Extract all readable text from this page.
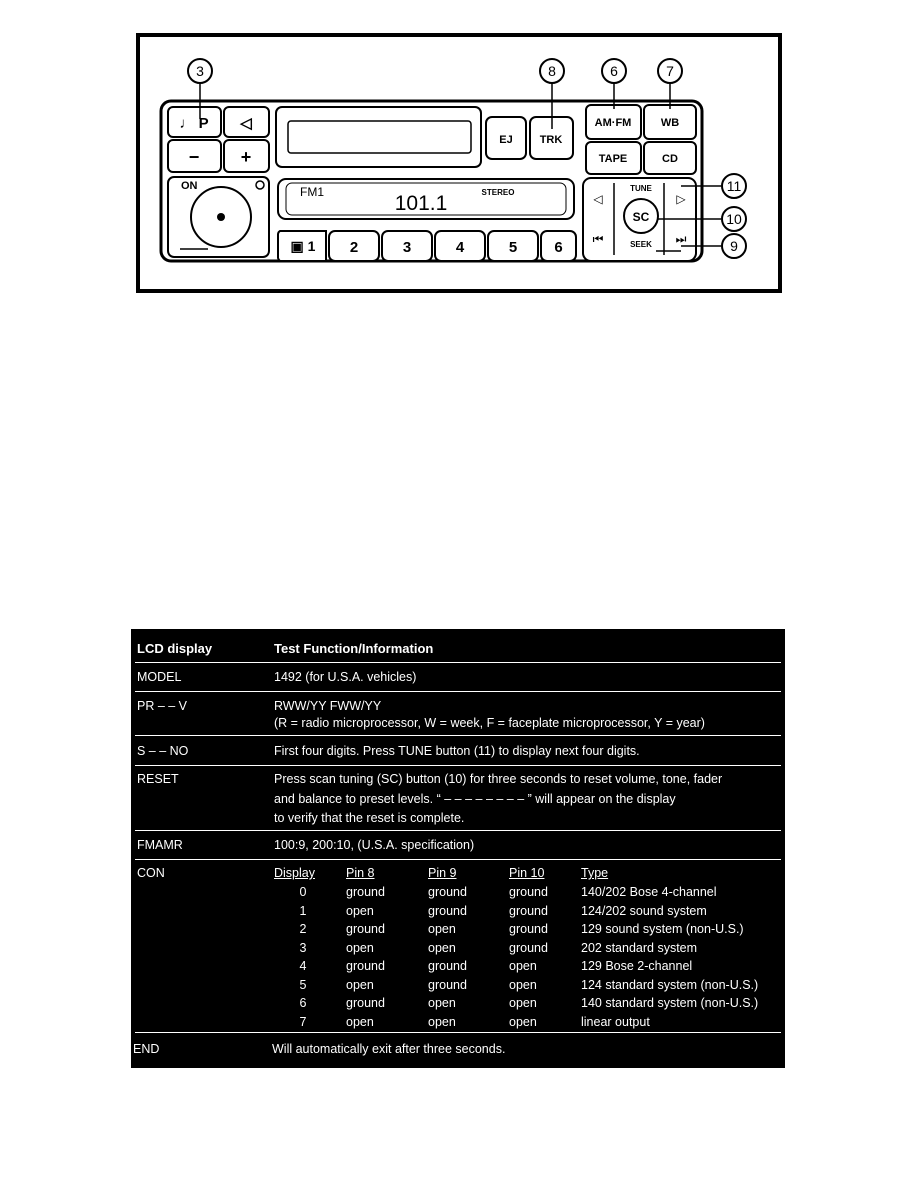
♩ P ◁
− +
ON
EJ TRK
AM·FM	WB
TAPE	CD
FM1	101.1	STEREO
▣ 1 2	3	4	5 6
TUNE
SEEK
◁	▷
⏮	⏭
SC
3	8	6	7
11
10
9
LCD display	Test Function/Information
MODEL	1492 (for U.S.A. vehicles)
PR – – V	RWW/YY FWW/YY
(R = radio microprocessor, W = week, F = faceplate microprocessor, Y = year)
S – – NO	First four digits. Press TUNE button (11) to display next four digits.
RESET	Press scan tuning (SC) button (10) for three seconds to reset volume, tone, fader
and balance to preset levels. “ – – – – – – – – ” will appear on the display
to verify that the reset is complete.
FMAMR	100:9, 200:10, (U.S.A. specification)
CON	Display Pin 8	Pin 9	Pin 10	Type
0	ground	ground	ground	140/202 Bose 4-channel
1	open	ground	ground	124/202 sound system
2	ground	open	ground	129 sound system (non-U.S.)
3	open	open	ground	202 standard system
4	ground	ground	open	129 Bose 2-channel
5	open	ground	open	124 standard system (non-U.S.)
6	ground	open	open	140 standard system (non-U.S.)
7	open	open	open	linear output
END	Will automatically exit after three seconds.
